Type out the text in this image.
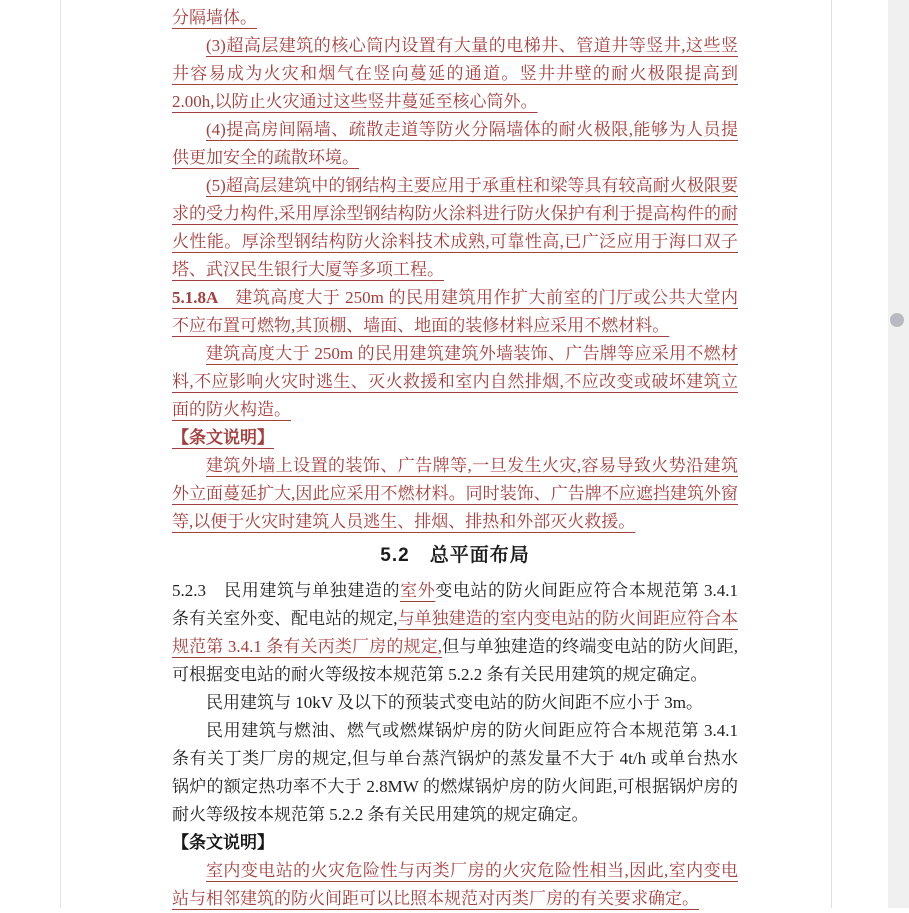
分隔墙体。

(3)超高层建筑的核心筒内设置有大量的电梯井、管道井等竖井,这些竖井容易成为火灾和烟气在竖向蔓延的通道。竖井井壁的耐火极限提高到 2.00h,以防止火灾通过这些竖井蔓延至核心筒外。

(4)提高房间隔墙、疏散走道等防火分隔墙体的耐火极限,能够为人员提供更加安全的疏散环境。

(5)超高层建筑中的钢结构主要应用于承重柱和梁等具有较高耐火极限要求的受力构件,采用厚涂型钢结构防火涂料进行防火保护有利于提高构件的耐火性能。厚涂型钢结构防火涂料技术成熟,可靠性高,已广泛应用于海口双子塔、武汉民生银行大厦等多项工程。

5.1.8A　建筑高度大于 250m 的民用建筑用作扩大前室的门厅或公共大堂内不应布置可燃物,其顶棚、墙面、地面的装修材料应采用不燃材料。

建筑高度大于 250m 的民用建筑建筑外墙装饰、广告牌等应采用不燃材料,不应影响火灾时逃生、灭火救援和室内自然排烟,不应改变或破坏建筑立面的防火构造。

【条文说明】

建筑外墙上设置的装饰、广告牌等,一旦发生火灾,容易导致火势沿建筑外立面蔓延扩大,因此应采用不燃材料。同时装饰、广告牌不应遮挡建筑外窗等,以便于火灾时建筑人员逃生、排烟、排热和外部灭火救援。

5.2　总平面布局

5.2.3　民用建筑与单独建造的室外变电站的防火间距应符合本规范第 3.4.1 条有关室外变、配电站的规定,与单独建造的室内变电站的防火间距应符合本规范第 3.4.1 条有关丙类厂房的规定,但与单独建造的终端变电站的防火间距,可根据变电站的耐火等级按本规范第 5.2.2 条有关民用建筑的规定确定。

民用建筑与 10kV 及以下的预装式变电站的防火间距不应小于 3m。

民用建筑与燃油、燃气或燃煤锅炉房的防火间距应符合本规范第 3.4.1 条有关丁类厂房的规定,但与单台蒸汽锅炉的蒸发量不大于 4t/h 或单台热水锅炉的额定热功率不大于 2.8MW 的燃煤锅炉房的防火间距,可根据锅炉房的耐火等级按本规范第 5.2.2 条有关民用建筑的规定确定。

【条文说明】

室内变电站的火灾危险性与丙类厂房的火灾危险性相当,因此,室内变电站与相邻建筑的防火间距可以比照本规范对丙类厂房的有关要求确定。
